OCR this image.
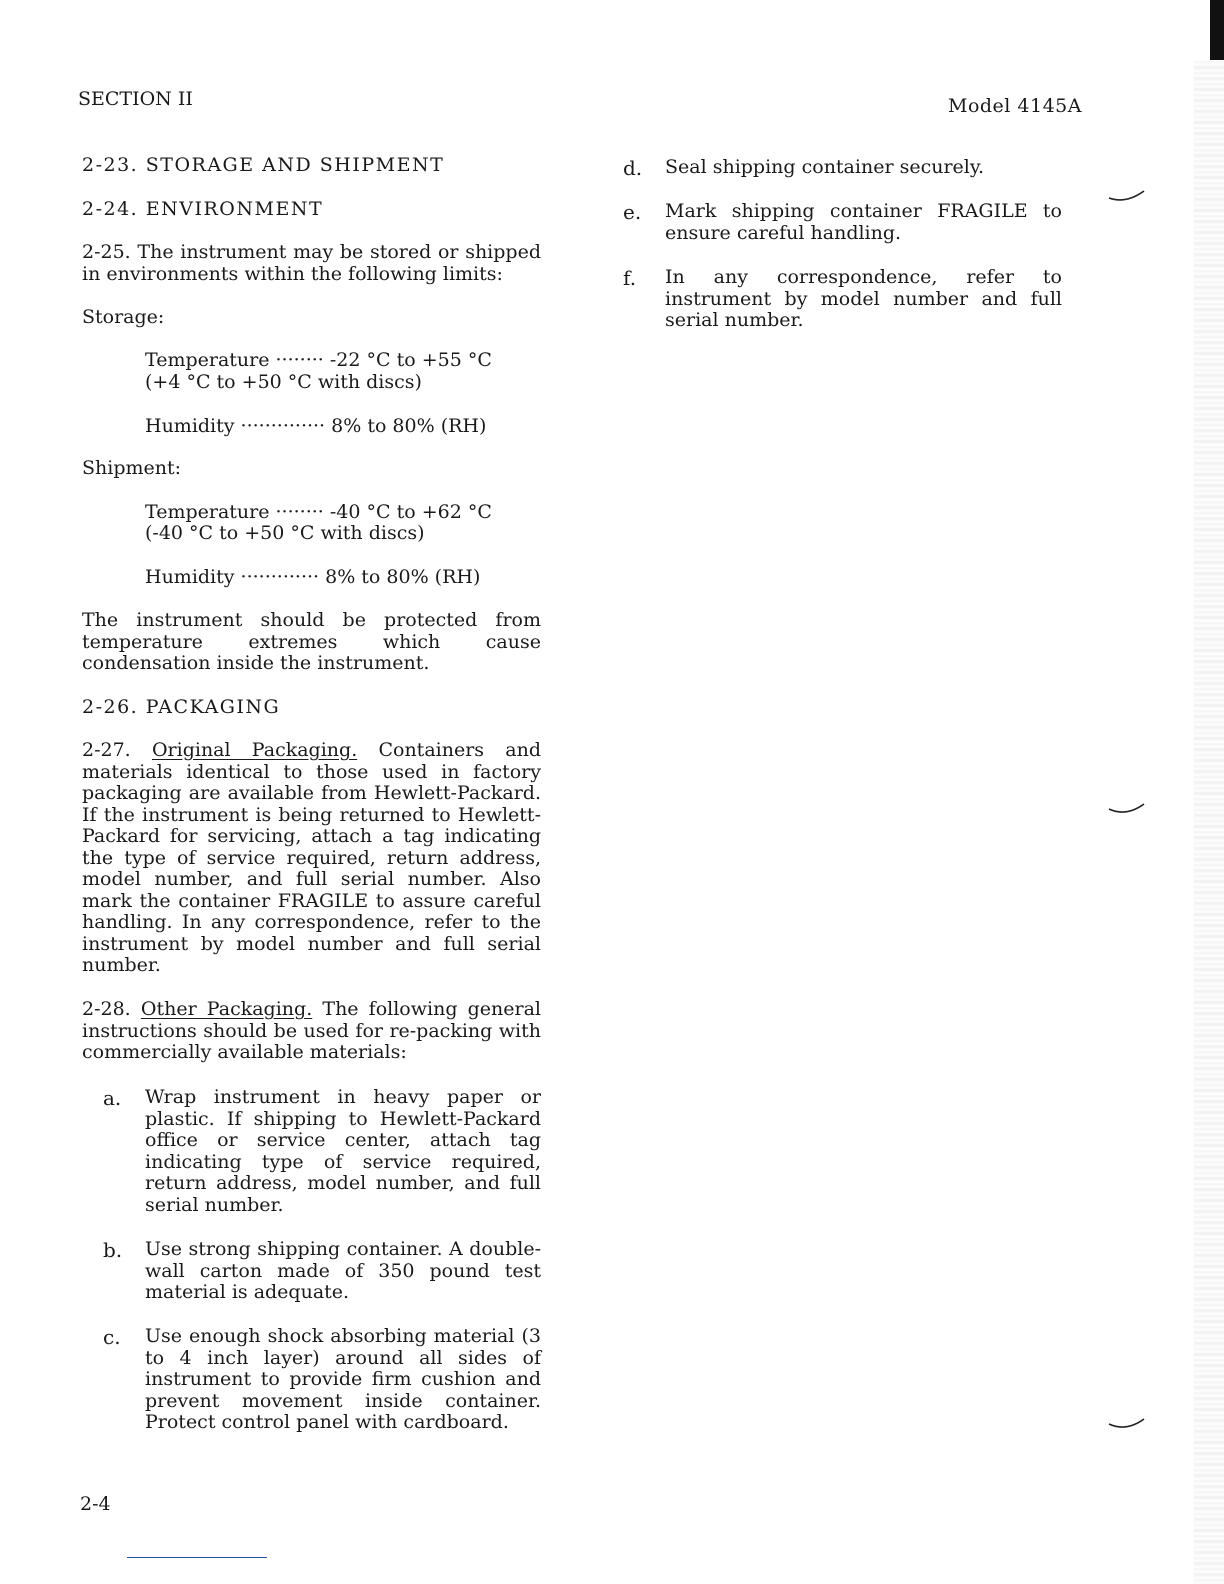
SECTION II	Model 4145A
2-23. STORAGE AND SHIPMENT
2-24. ENVIRONMENT
2-25. The instrument may be stored or shipped in environments within the following limits:
Storage:
Temperature ········ -22 °C to +55 °C
(+4 °C to +50 °C with discs)
Humidity ·············· 8% to 80% (RH)
Shipment:
Temperature ········ -40 °C to +62 °C
(-40 °C to +50 °C with discs)
Humidity ············· 8% to 80% (RH)
The instrument should be protected from temperature extremes which cause condensation inside the instrument.
2-26. PACKAGING
2-27. Original Packaging. Containers and materials identical to those used in factory packaging are available from Hewlett-Packard. If the instrument is being returned to Hewlett-Packard for servicing, attach a tag indicating the type of service required, return address, model number, and full serial number. Also mark the container FRAGILE to assure careful handling. In any correspondence, refer to the instrument by model number and full serial number.
2-28. Other Packaging. The following general instructions should be used for re-packing with commercially available materials:
a. Wrap instrument in heavy paper or plastic. If shipping to Hewlett-Packard office or service center, attach tag indicating type of service required, return address, model number, and full serial number.
b. Use strong shipping container. A double-wall carton made of 350 pound test material is adequate.
c. Use enough shock absorbing material (3 to 4 inch layer) around all sides of instrument to provide firm cushion and prevent movement inside container. Protect control panel with cardboard.
d. Seal shipping container securely.
e. Mark shipping container FRAGILE to ensure careful handling.
f. In any correspondence, refer to instrument by model number and full serial number.
2-4
